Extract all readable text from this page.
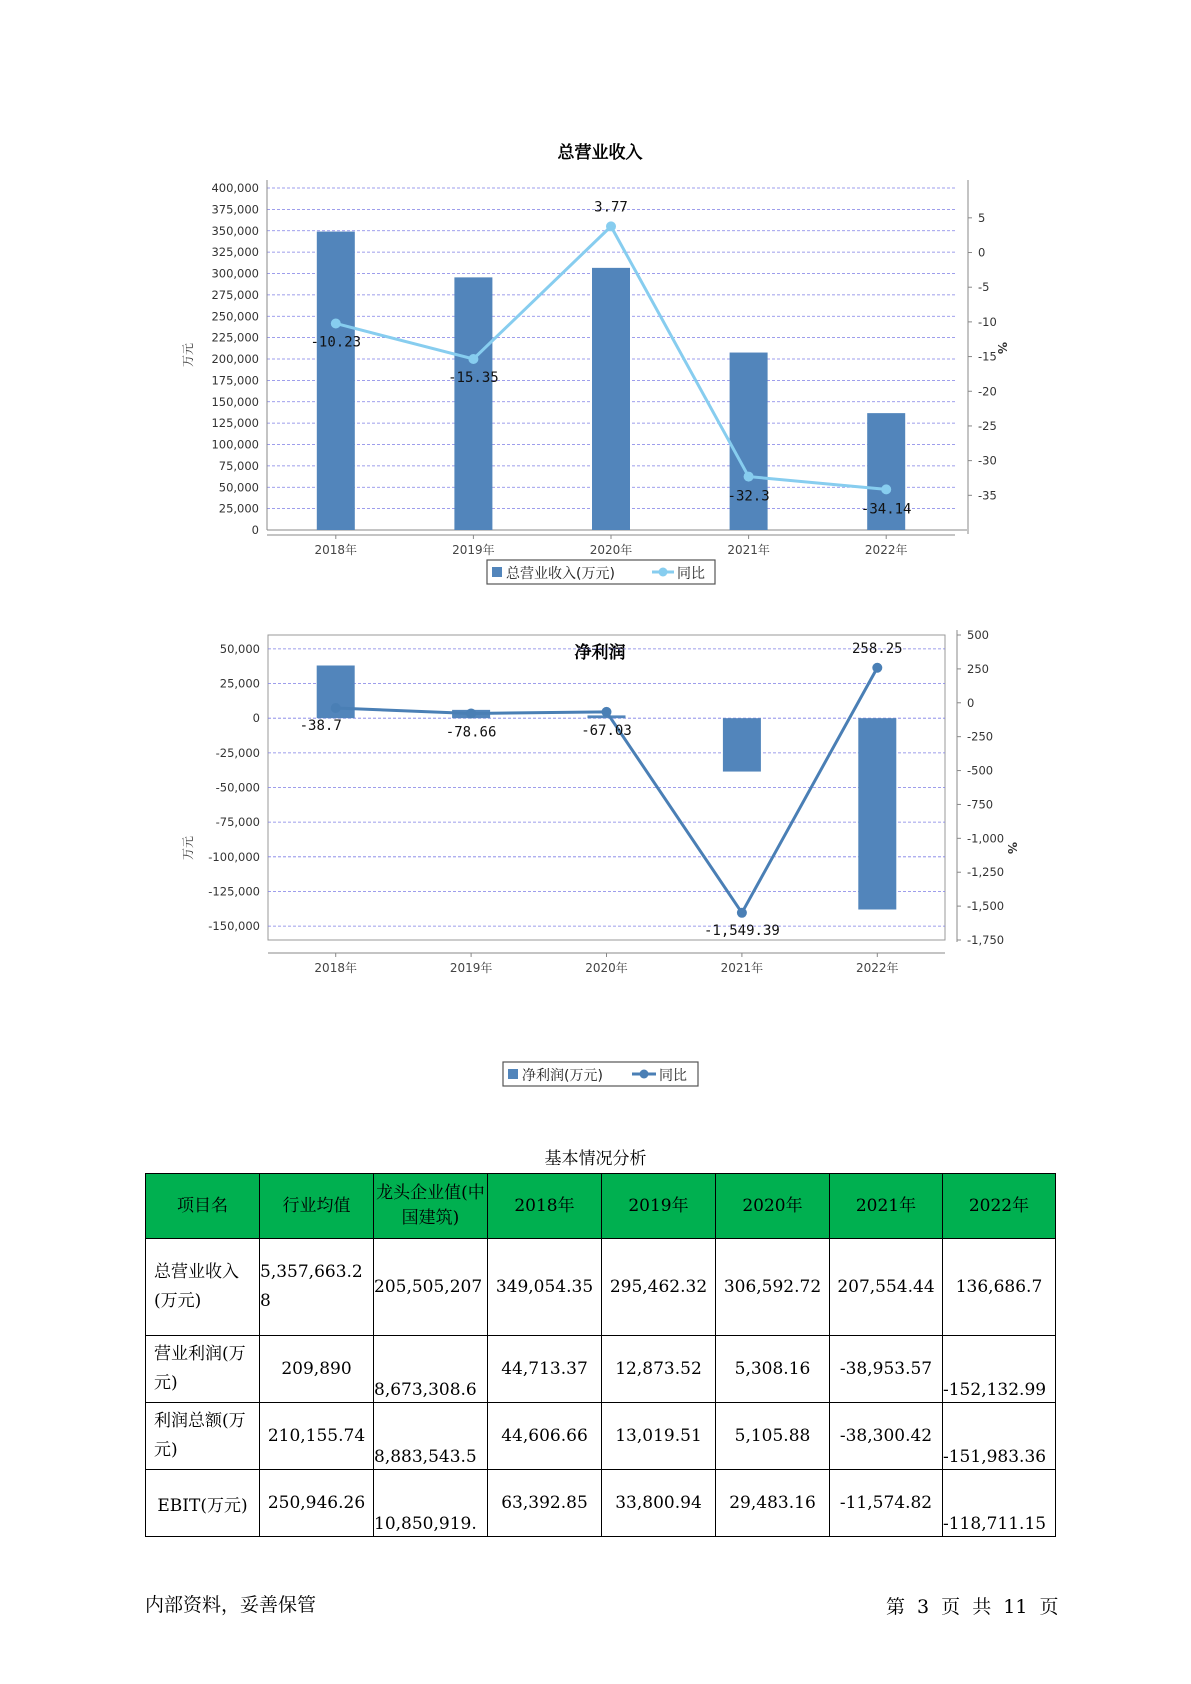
总营业收入
0
25,000
50,000
75,000
100,000
125,000
150,000
175,000
200,000
225,000
250,000
275,000
300,000
325,000
350,000
375,000
400,000
5
0
-5
-10
-15
-20
-25
-30
-35
2018年	2019年	2020年	2021年	2022年
-10.23
-15.35
3.77
-32.3
-34.14
万元	%
总营业收入(万元)	同比
净利润
50,000
25,000
0
-25,000
-50,000
-75,000
-100,000
-125,000
-150,000
500
250
0
-250
-500
-750
-1,000
-1,250
-1,500
-1,750
2018年	2019年	2020年	2021年	2022年
-38.7	-78.66	-67.03
-1,549.39
258.25
万元	%
净利润(万元)	同比
基本情况分析
项目名	行业均值	龙头企业值(中国建筑)	2018年	2019年	2020年	2021年	2022年
总营业收入(万元)	5,357,663.28	205,505,207	349,054.35	295,462.32	306,592.72	207,554.44	136,686.7
营业利润(万元)	209,890	8,673,308.6	44,713.37	12,873.52	5,308.16	-38,953.57	-152,132.99
利润总额(万元)	210,155.74	8,883,543.5	44,606.66	13,019.51	5,105.88	-38,300.42	-151,983.36
EBIT(万元)	250,946.26	10,850,919.	63,392.85	33,800.94	29,483.16	-11,574.82	-118,711.15
内部资料，妥善保管	第 3 页 共 11 页
